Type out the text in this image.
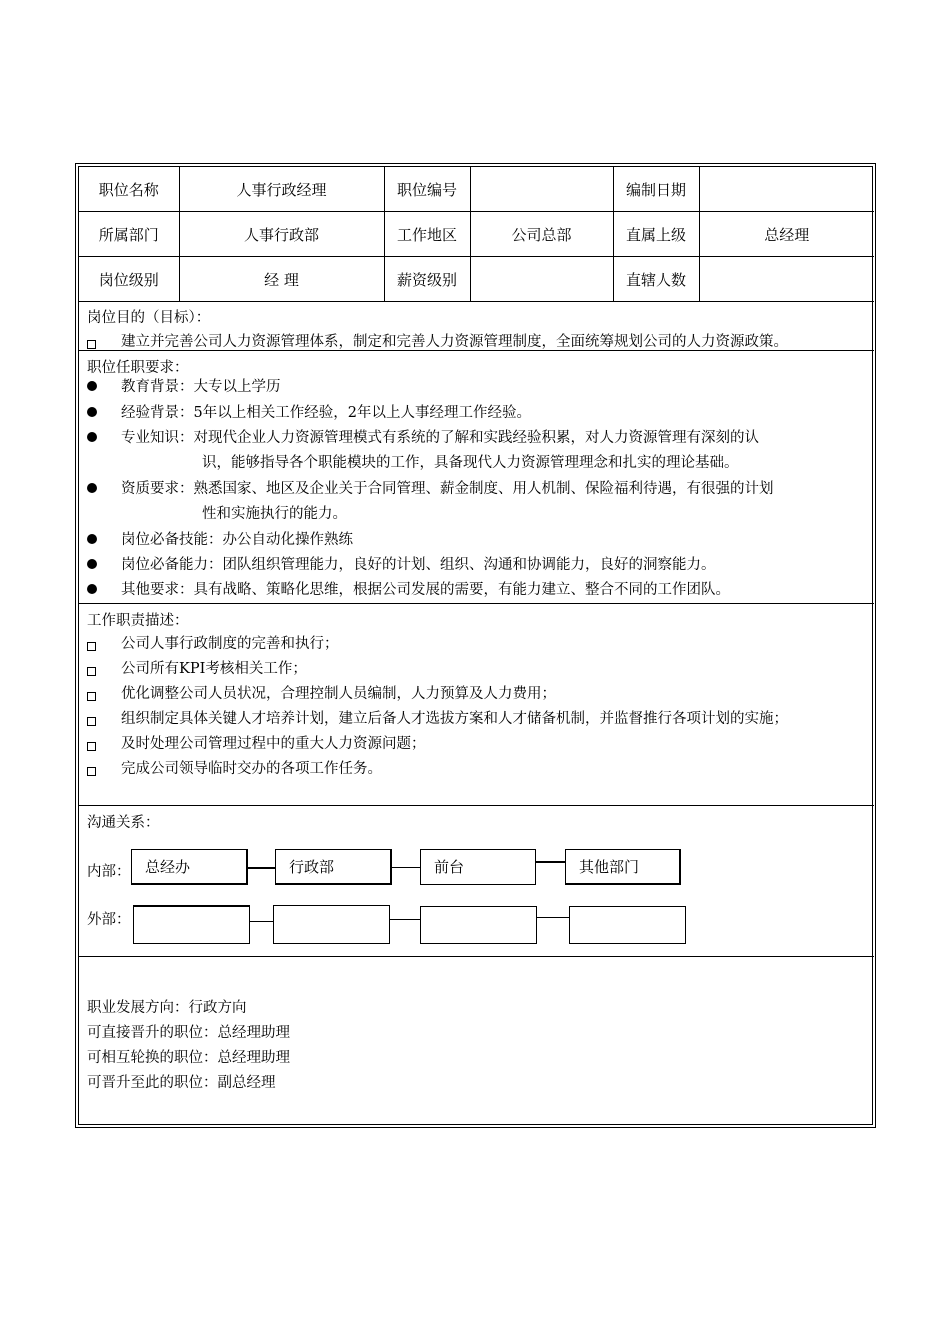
职位名称	人事行政经理	职位编号		编制日期	
所属部门	人事行政部	工作地区	公司总部	直属上级	总经理
岗位级别	经 理	薪资级别		直辖人数	
岗位目的（目标）：
建立并完善公司人力资源管理体系，制定和完善人力资源管理制度，全面统筹规划公司的人力资源政策。
职位任职要求：
教育背景：大专以上学历
经验背景：5年以上相关工作经验，2年以上人事经理工作经验。
专业知识：对现代企业人力资源管理模式有系统的了解和实践经验积累，对人力资源管理有深刻的认
识，能够指导各个职能模块的工作，具备现代人力资源管理理念和扎实的理论基础。
资质要求：熟悉国家、地区及企业关于合同管理、薪金制度、用人机制、保险福利待遇，有很强的计划
性和实施执行的能力。
岗位必备技能：办公自动化操作熟练
岗位必备能力：团队组织管理能力，良好的计划、组织、沟通和协调能力，良好的洞察能力。
其他要求：具有战略、策略化思维，根据公司发展的需要，有能力建立、整合不同的工作团队。
工作职责描述：
公司人事行政制度的完善和执行；
公司所有KPI考核相关工作；
优化调整公司人员状况，合理控制人员编制，人力预算及人力费用；
组织制定具体关键人才培养计划，建立后备人才选拔方案和人才储备机制，并监督推行各项计划的实施；
及时处理公司管理过程中的重大人力资源问题；
完成公司领导临时交办的各项工作任务。
沟通关系：
内部：
外部：
总经办	行政部	前台	其他部门
职业发展方向：行政方向
可直接晋升的职位：总经理助理
可相互轮换的职位：总经理助理
可晋升至此的职位：副总经理
